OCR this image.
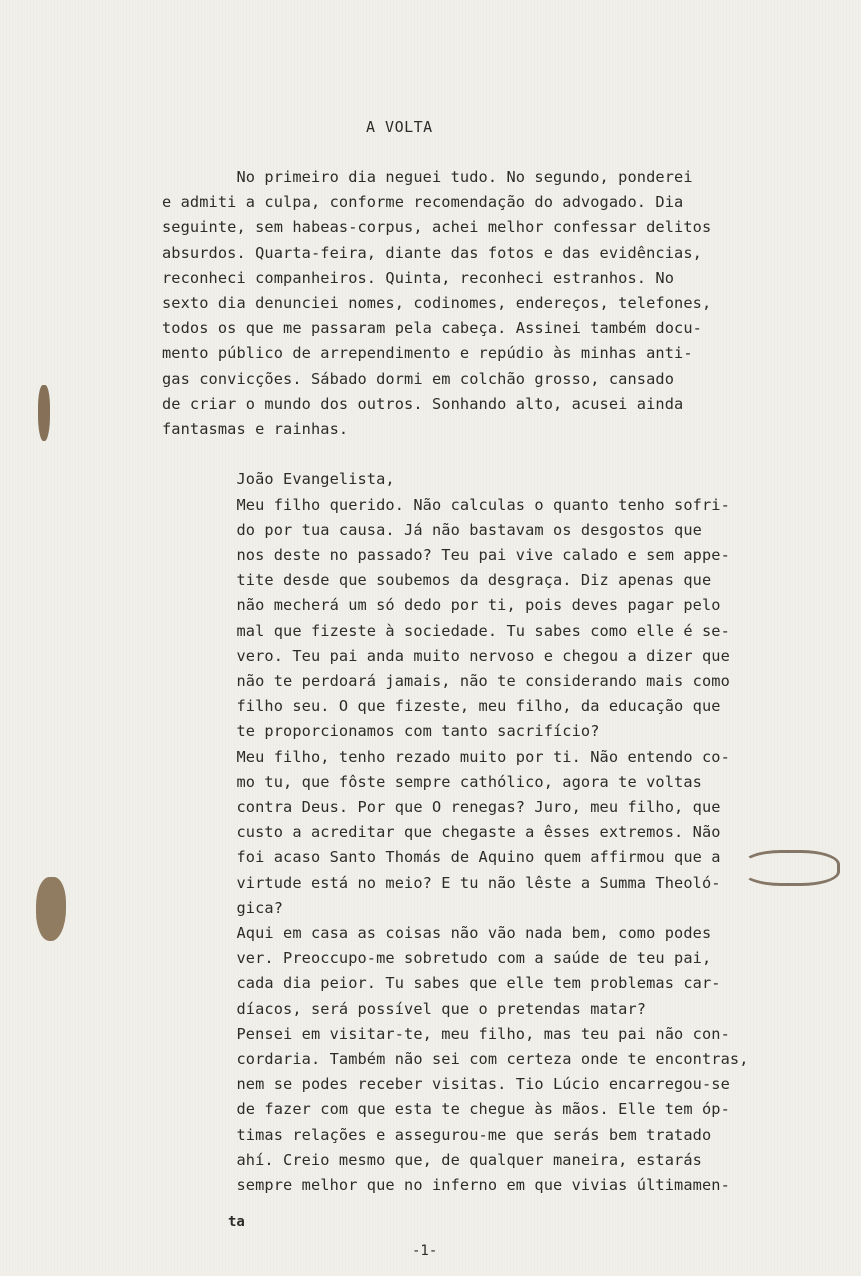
A VOLTA
No primeiro dia neguei tudo. No segundo, ponderei
e admiti a culpa, conforme recomendação do advogado. Dia
seguinte, sem habeas-corpus, achei melhor confessar delitos
absurdos. Quarta-feira, diante das fotos e das evidências,
reconheci companheiros. Quinta, reconheci estranhos. No
sexto dia denunciei nomes, codinomes, endereços, telefones,
todos os que me passaram pela cabeça. Assinei também docu-
mento público de arrependimento e repúdio às minhas anti-
gas convicções. Sábado dormi em colchão grosso, cansado
de criar o mundo dos outros. Sonhando alto, acusei ainda
fantasmas e rainhas.
João Evangelista,
Meu filho querido. Não calculas o quanto tenho sofri-
do por tua causa. Já não bastavam os desgostos que
nos deste no passado? Teu pai vive calado e sem appe-
tite desde que soubemos da desgraça. Diz apenas que
não mecherá um só dedo por ti, pois deves pagar pelo
mal que fizeste à sociedade. Tu sabes como elle é se-
vero. Teu pai anda muito nervoso e chegou a dizer que
não te perdoará jamais, não te considerando mais como
filho seu. O que fizeste, meu filho, da educação que
te proporcionamos com tanto sacrifício?
Meu filho, tenho rezado muito por ti. Não entendo co-
mo tu, que fôste sempre cathólico, agora te voltas
contra Deus. Por que O renegas? Juro, meu filho, que
custo a acreditar que chegaste a êsses extremos. Não
foi acaso Santo Thomás de Aquino quem affirmou que a
virtude está no meio? E tu não lêste a Summa Theoló-
gica?
Aqui em casa as coisas não vão nada bem, como podes
ver. Preoccupo-me sobretudo com a saúde de teu pai,
cada dia peior. Tu sabes que elle tem problemas car-
díacos, será possível que o pretendas matar?
Pensei em visitar-te, meu filho, mas teu pai não con-
cordaria. Também não sei com certeza onde te encontras,
nem se podes receber visitas. Tio Lúcio encarregou-se
de fazer com que esta te chegue às mãos. Elle tem óp-
timas relações e assegurou-me que serás bem tratado
ahí. Creio mesmo que, de qualquer maneira, estarás
sempre melhor que no inferno em que vivias últimamen-
ta
-1-
